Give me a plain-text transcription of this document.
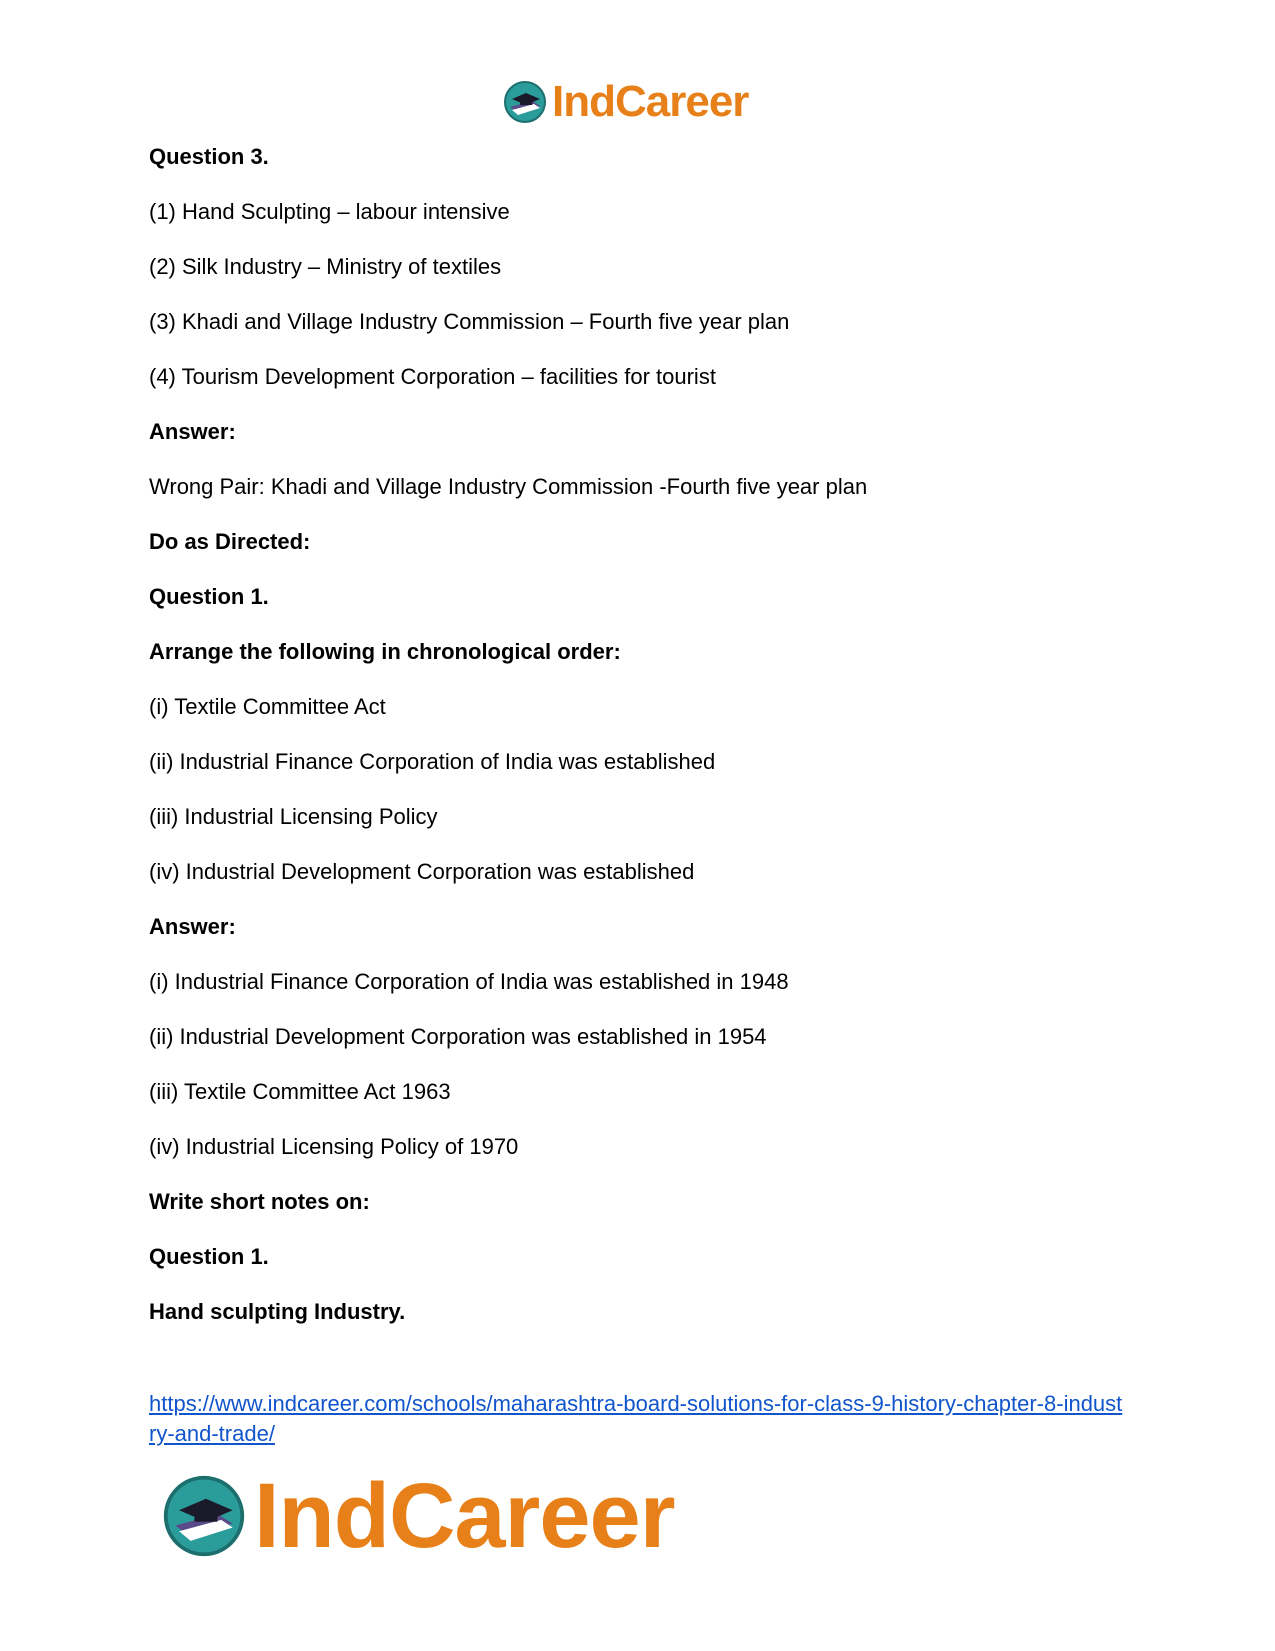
IndCareer
Question 3.
(1) Hand Sculpting – labour intensive
(2) Silk Industry – Ministry of textiles
(3) Khadi and Village Industry Commission – Fourth five year plan
(4) Tourism Development Corporation – facilities for tourist
Answer:
Wrong Pair: Khadi and Village Industry Commission -Fourth five year plan
Do as Directed:
Question 1.
Arrange the following in chronological order:
(i) Textile Committee Act
(ii) Industrial Finance Corporation of India was established
(iii) Industrial Licensing Policy
(iv) Industrial Development Corporation was established
Answer:
(i) Industrial Finance Corporation of India was established in 1948
(ii) Industrial Development Corporation was established in 1954
(iii) Textile Committee Act 1963
(iv) Industrial Licensing Policy of 1970
Write short notes on:
Question 1.
Hand sculpting Industry.
https://www.indcareer.com/schools/maharashtra-board-solutions-for-class-9-history-chapter-8-industry-and-trade/
IndCareer
